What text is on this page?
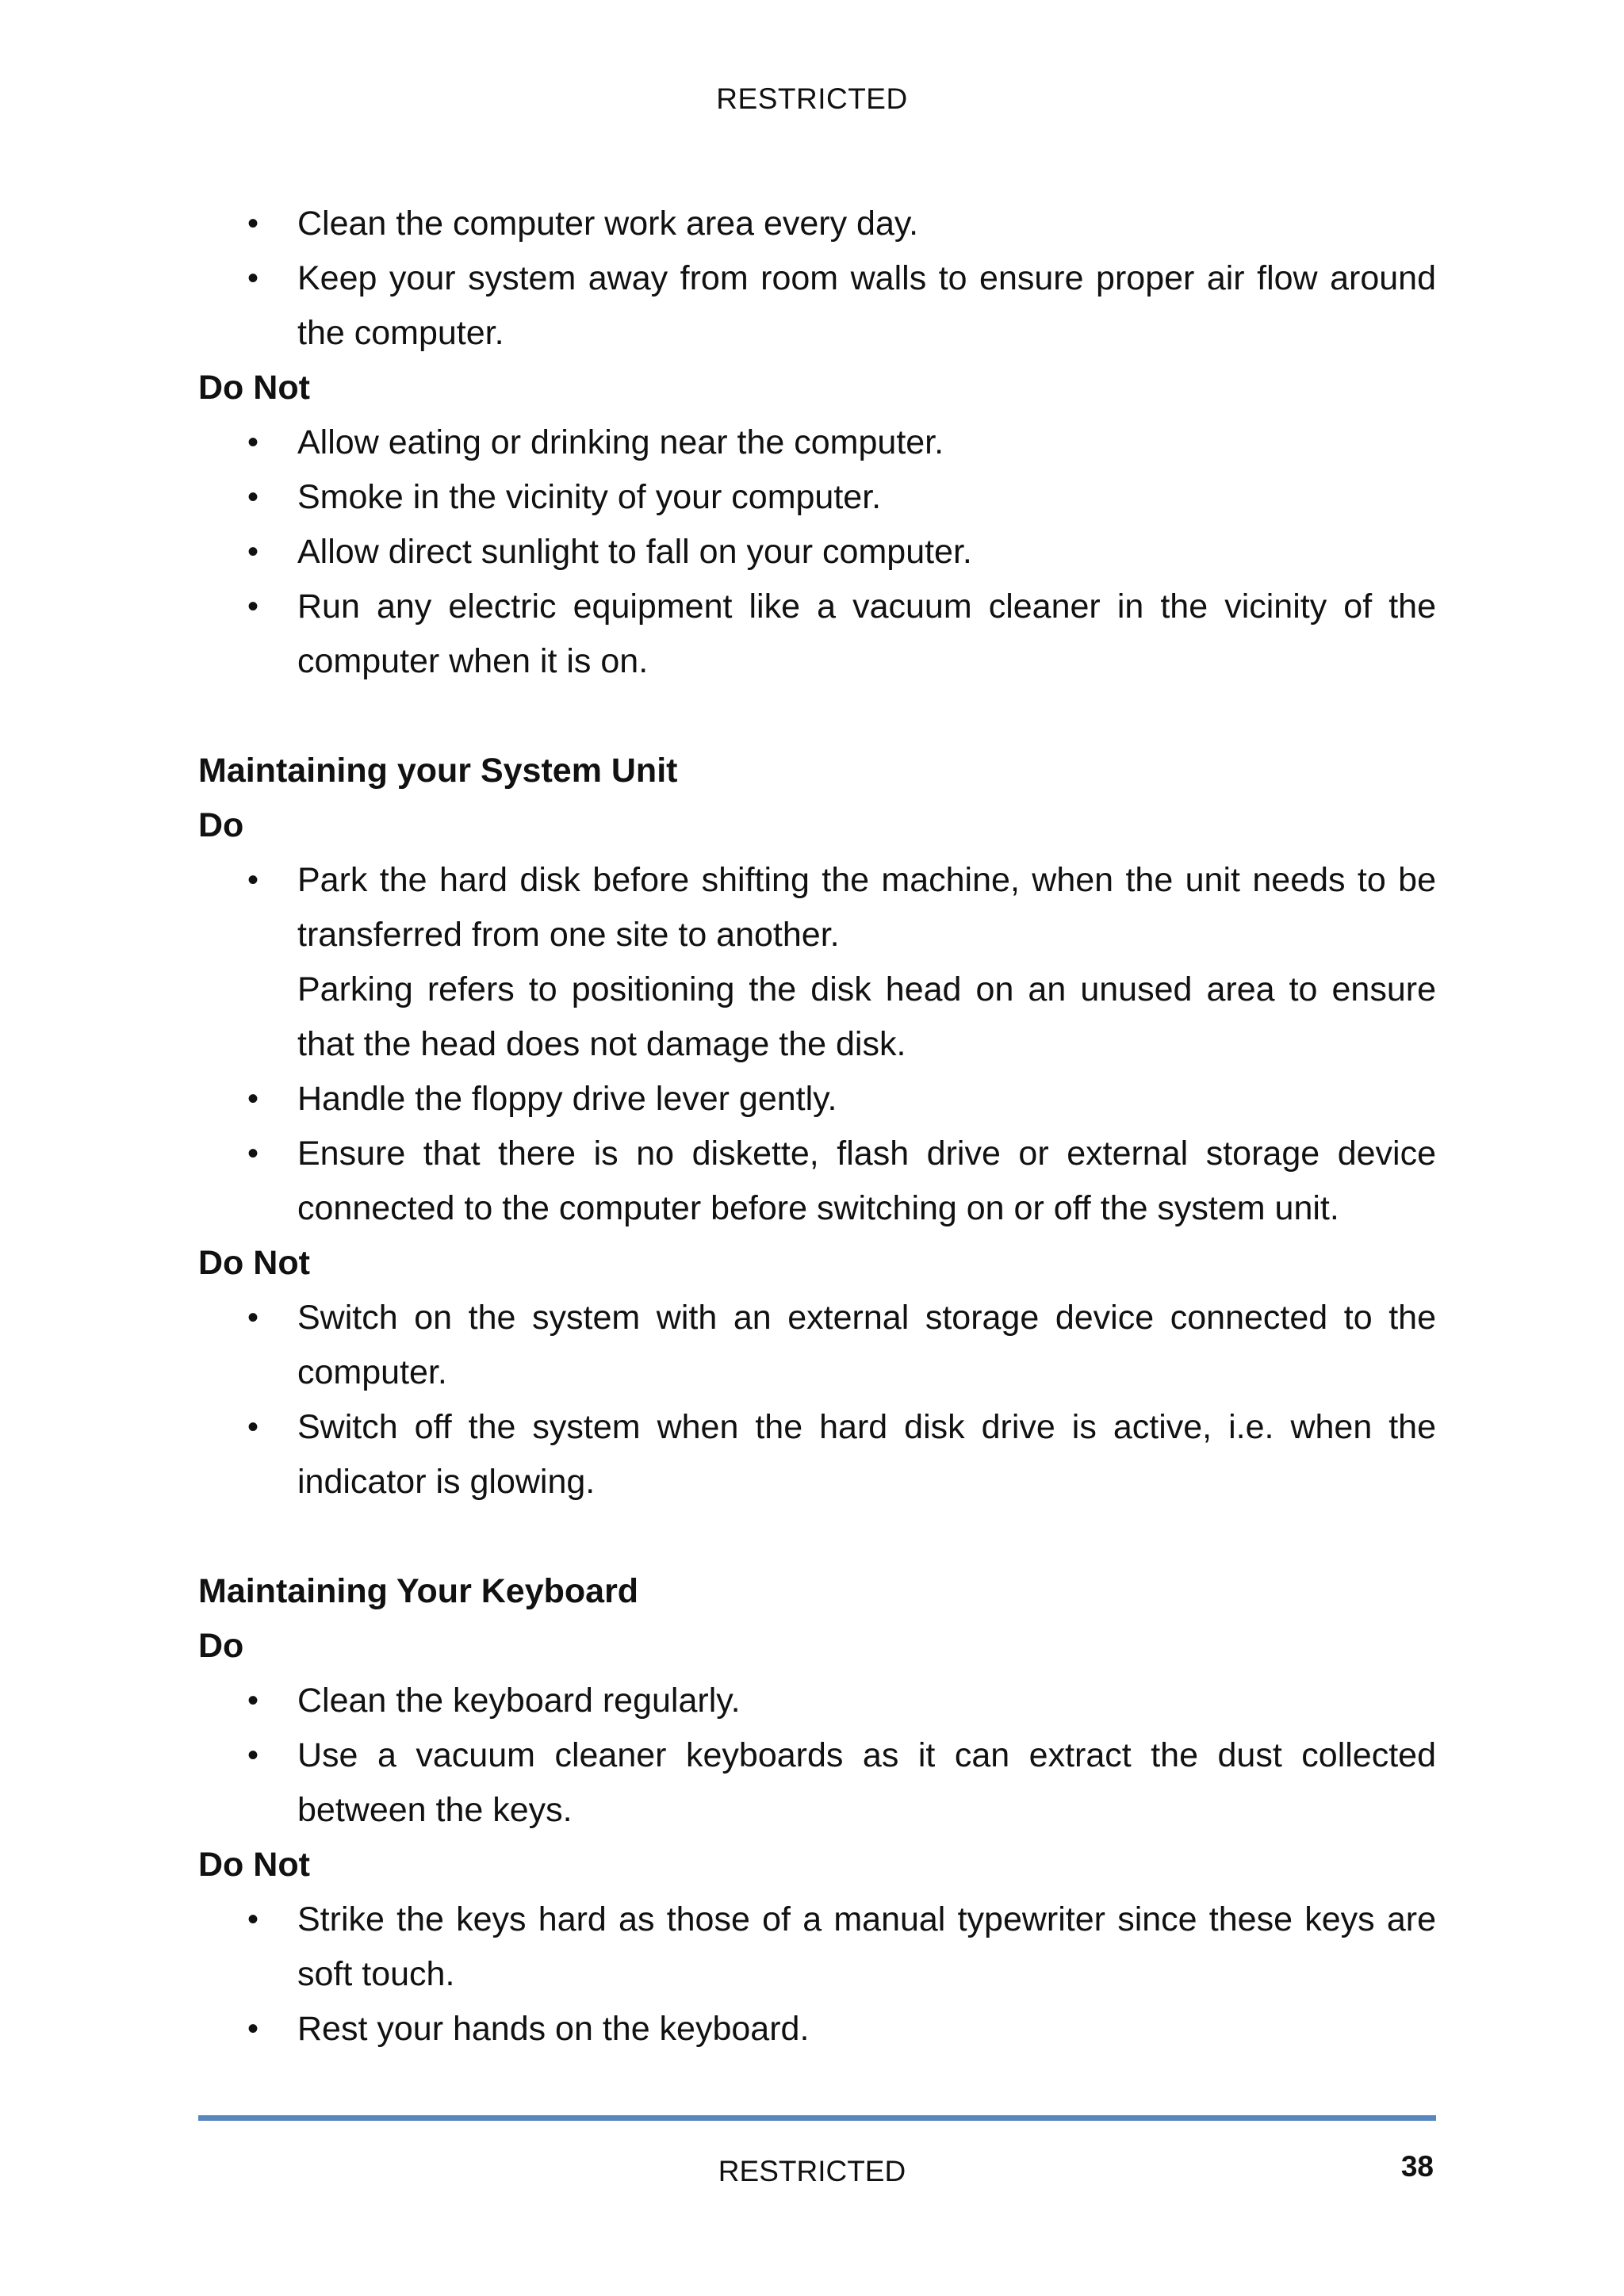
RESTRICTED
• Clean the computer work area every day.
• Keep your system away from room walls to ensure proper air flow around the computer.
Do Not
• Allow eating or drinking near the computer.
• Smoke in the vicinity of your computer.
• Allow direct sunlight to fall on your computer.
• Run any electric equipment like a vacuum cleaner in the vicinity of the computer when it is on.
Maintaining your System Unit
Do
• Park the hard disk before shifting the machine, when the unit needs to be transferred from one site to another.
Parking refers to positioning the disk head on an unused area to ensure that the head does not damage the disk.
• Handle the floppy drive lever gently.
• Ensure that there is no diskette, flash drive or external storage device connected to the computer before switching on or off the system unit.
Do Not
• Switch on the system with an external storage device connected to the computer.
• Switch off the system when the hard disk drive is active, i.e. when the indicator is glowing.
Maintaining Your Keyboard
Do
• Clean the keyboard regularly.
• Use a vacuum cleaner keyboards as it can extract the dust collected between the keys.
Do Not
• Strike the keys hard as those of a manual typewriter since these keys are soft touch.
• Rest your hands on the keyboard.
RESTRICTED	38
